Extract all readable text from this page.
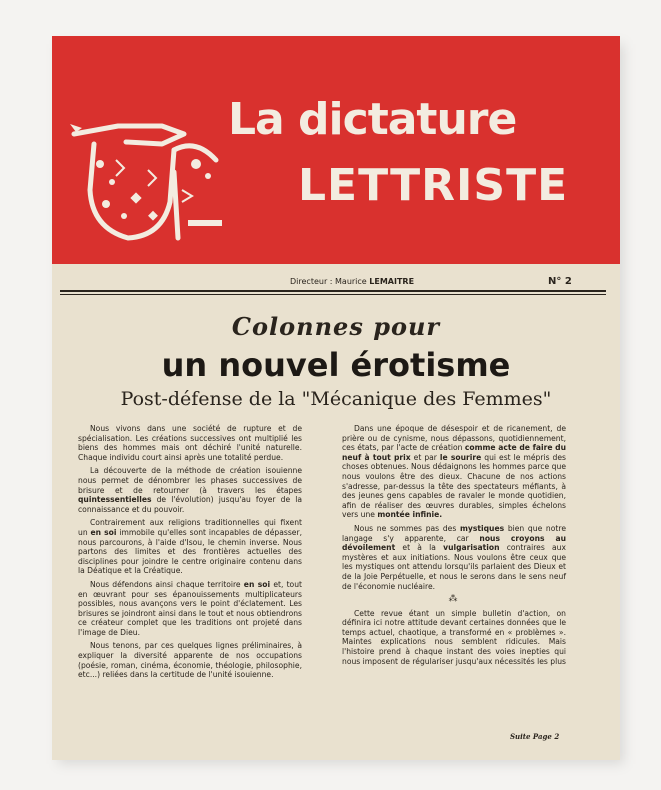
La dictature
LETTRISTE
Directeur : Maurice LEMAITRE	N° 2
Colonnes pour
un nouvel érotisme
Post-défense de la "Mécanique des Femmes"

Nous vivons dans une société de rupture et de spécialisation. Les créations successives ont multiplié les biens des hommes mais ont déchiré l'unité naturelle. Chaque individu court ainsi après une totalité perdue.

La découverte de la méthode de création isouienne nous permet de dénombrer les phases successives de brisure et de retourner (à travers les étapes quintessentielles de l'évolution) jusqu'au foyer de la connaissance et du pouvoir.

Contrairement aux religions traditionnelles qui fixent un en soi immobile qu'elles sont incapables de dépasser, nous parcourons, à l'aide d'Isou, le chemin inverse. Nous partons des limites et des frontières actuelles des disciplines pour joindre le centre originaire contenu dans la Déatique et la Créatique.

Nous défendons ainsi chaque territoire en soi et, tout en œuvrant pour ses épanouissements multiplicateurs possibles, nous avançons vers le point d'éclatement. Les brisures se joindront ainsi dans le tout et nous obtiendrons ce créateur complet que les traditions ont projeté dans l'image de Dieu.

Nous tenons, par ces quelques lignes préliminaires, à expliquer la diversité apparente de nos occupations (poésie, roman, cinéma, économie, théologie, philosophie, etc...) reliées dans la certitude de l'unité isouienne.

Dans une époque de désespoir et de ricanement, de prière ou de cynisme, nous dépassons, quotidiennement, ces états, par l'acte de création comme acte de faire du neuf à tout prix et par le sourire qui est le mépris des choses obtenues. Nous dédaignons les hommes parce que nous voulons être des dieux. Chacune de nos actions s'adresse, par-dessus la tête des spectateurs méfiants, à des jeunes gens capables de ravaler le monde quotidien, afin de réaliser des œuvres durables, simples échelons vers une montée infinie.

Nous ne sommes pas des mystiques bien que notre langage s'y apparente, car nous croyons au dévoilement et à la vulgarisation contraires aux mystères et aux initiations. Nous voulons être ceux que les mystiques ont attendu lorsqu'ils parlaient des Dieux et de la Joie Perpétuelle, et nous le serons dans le sens neuf de l'économie nucléaire.

⁂

Cette revue étant un simple bulletin d'action, on définira ici notre attitude devant certaines données que le temps actuel, chaotique, a transformé en « problèmes ». Maintes explications nous semblent ridicules. Mais l'histoire prend à chaque instant des voies inepties qui nous imposent de régulariser jusqu'aux nécessités les plus

Suite Page 2
